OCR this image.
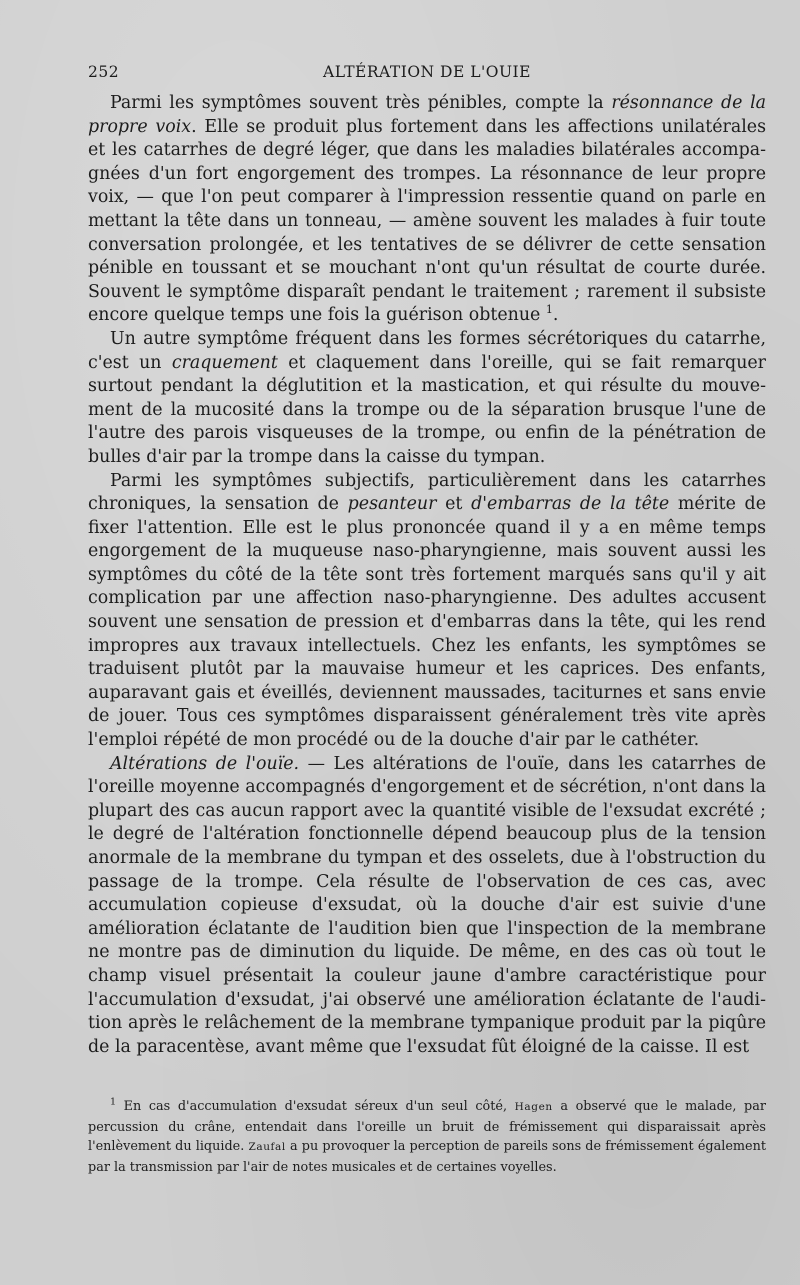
252	ALTÉRATION DE L'OUIE

Parmi les symptômes souvent très pénibles, compte la résonnance de la propre voix. Elle se produit plus fortement dans les affections unilatérales et les catarrhes de degré léger, que dans les maladies bilatérales accompagnées d'un fort engorgement des trompes. La résonnance de leur propre voix, — que l'on peut comparer à l'impression ressentie quand on parle en mettant la tête dans un tonneau, — amène souvent les malades à fuir toute conversation prolongée, et les tentatives de se délivrer de cette sensation pénible en toussant et se mouchant n'ont qu'un résultat de courte durée. Souvent le symptôme disparaît pendant le traitement ; rarement il subsiste encore quelque temps une fois la guérison obtenue $^1$.

Un autre symptôme fréquent dans les formes sécrétoriques du catarrhe, c'est un craquement et claquement dans l'oreille, qui se fait remarquer surtout pendant la déglutition et la mastication, et qui résulte du mouvement de la mucosité dans la trompe ou de la séparation brusque l'une de l'autre des parois visqueuses de la trompe, ou enfin de la pénétration de bulles d'air par la trompe dans la caisse du tympan.

Parmi les symptômes subjectifs, particulièrement dans les catarrhes chroniques, la sensation de pesanteur et d'embarras de la tête mérite de fixer l'attention. Elle est le plus prononcée quand il y a en même temps engorgement de la muqueuse naso-pharyngienne, mais souvent aussi les symptômes du côté de la tête sont très fortement marqués sans qu'il y ait complication par une affection naso-pharyngienne. Des adultes accusent souvent une sensation de pression et d'embarras dans la tête, qui les rend impropres aux travaux intellectuels. Chez les enfants, les symptômes se traduisent plutôt par la mauvaise humeur et les caprices. Des enfants, auparavant gais et éveillés, deviennent maussades, taciturnes et sans envie de jouer. Tous ces symptômes disparaissent généralement très vite après l'emploi répété de mon procédé ou de la douche d'air par le cathéter.

Altérations de l'ouïe. — Les altérations de l'ouïe, dans les catarrhes de l'oreille moyenne accompagnés d'engorgement et de sécrétion, n'ont dans la plupart des cas aucun rapport avec la quantité visible de l'exsudat excrété ; le degré de l'altération fonctionnelle dépend beaucoup plus de la tension anormale de la membrane du tympan et des osselets, due à l'obstruction du passage de la trompe. Cela résulte de l'observation de ces cas, avec accumulation copieuse d'exsudat, où la douche d'air est suivie d'une amélioration éclatante de l'audition bien que l'inspection de la membrane ne montre pas de diminution du liquide. De même, en des cas où tout le champ visuel présentait la couleur jaune d'ambre caractéristique pour l'accumulation d'exsudat, j'ai observé une amélioration éclatante de l'audition après le relâchement de la membrane tympanique produit par la piqûre de la paracentèse, avant même que l'exsudat fût éloigné de la caisse. Il est

$^1$ En cas d'accumulation d'exsudat séreux d'un seul côté, Hagen a observé que le malade, par percussion du crâne, entendait dans l'oreille un bruit de frémissement qui disparaissait après l'enlèvement du liquide. Zaufal a pu provoquer la perception de pareils sons de frémissement également par la transmission par l'air de notes musicales et de certaines voyelles.
